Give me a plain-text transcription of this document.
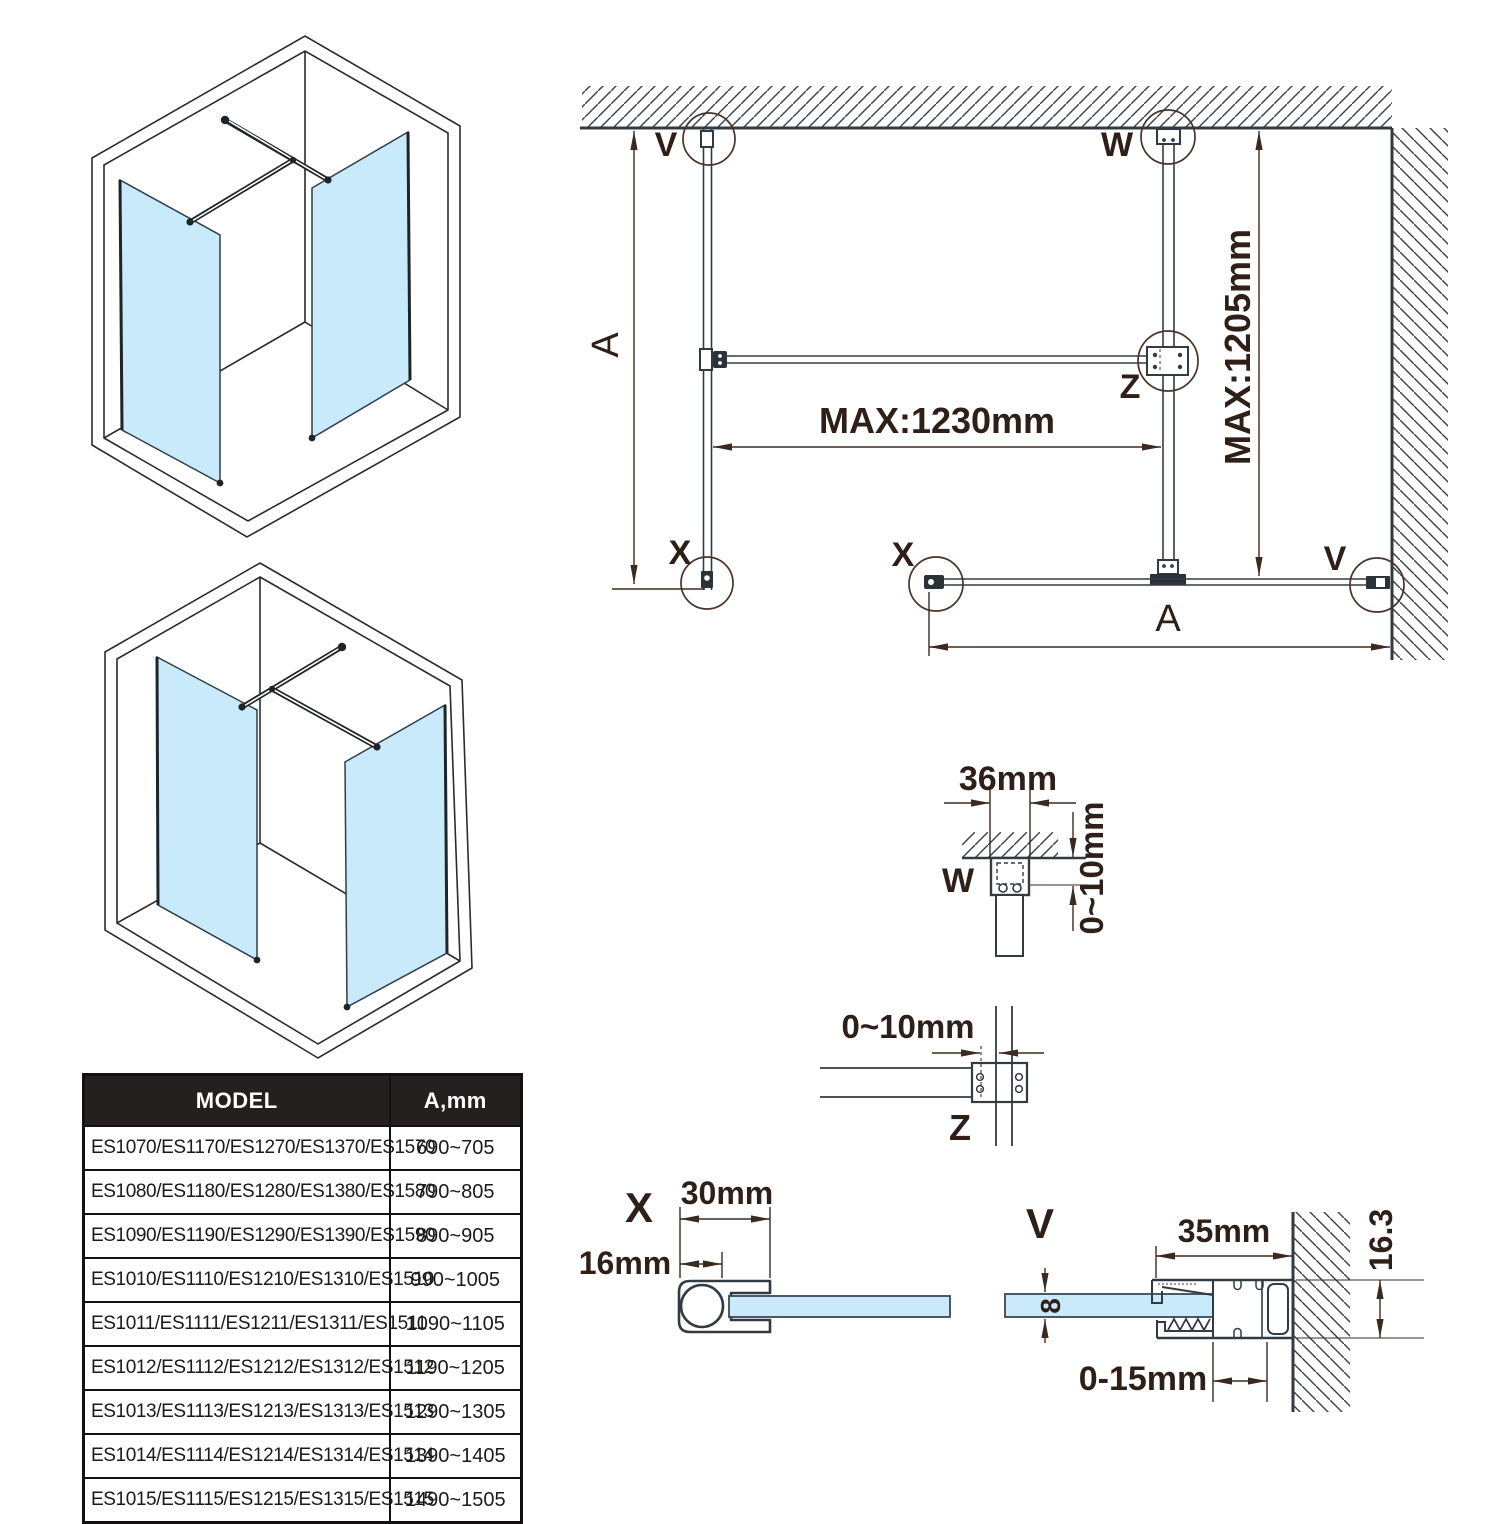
V	W
Z
X	X	V
A
A
MAX:1230mm	MAX:1205mm
36mm
0~10mm
W
0~10mm
Z
X 30mm
16mm
V	35mm	16.3
8
0-15mm
MODEL	A,mm
ES1070/ES1170/ES1270/ES1370/ES1570	690~705
ES1080/ES1180/ES1280/ES1380/ES1580	790~805
ES1090/ES1190/ES1290/ES1390/ES1590	890~905
ES1010/ES1110/ES1210/ES1310/ES1510	990~1005
ES1011/ES1111/ES1211/ES1311/ES1511	1090~1105
ES1012/ES1112/ES1212/ES1312/ES1512	1190~1205
ES1013/ES1113/ES1213/ES1313/ES1513	1290~1305
ES1014/ES1114/ES1214/ES1314/ES1514	1390~1405
ES1015/ES1115/ES1215/ES1315/ES1515	1490~1505
